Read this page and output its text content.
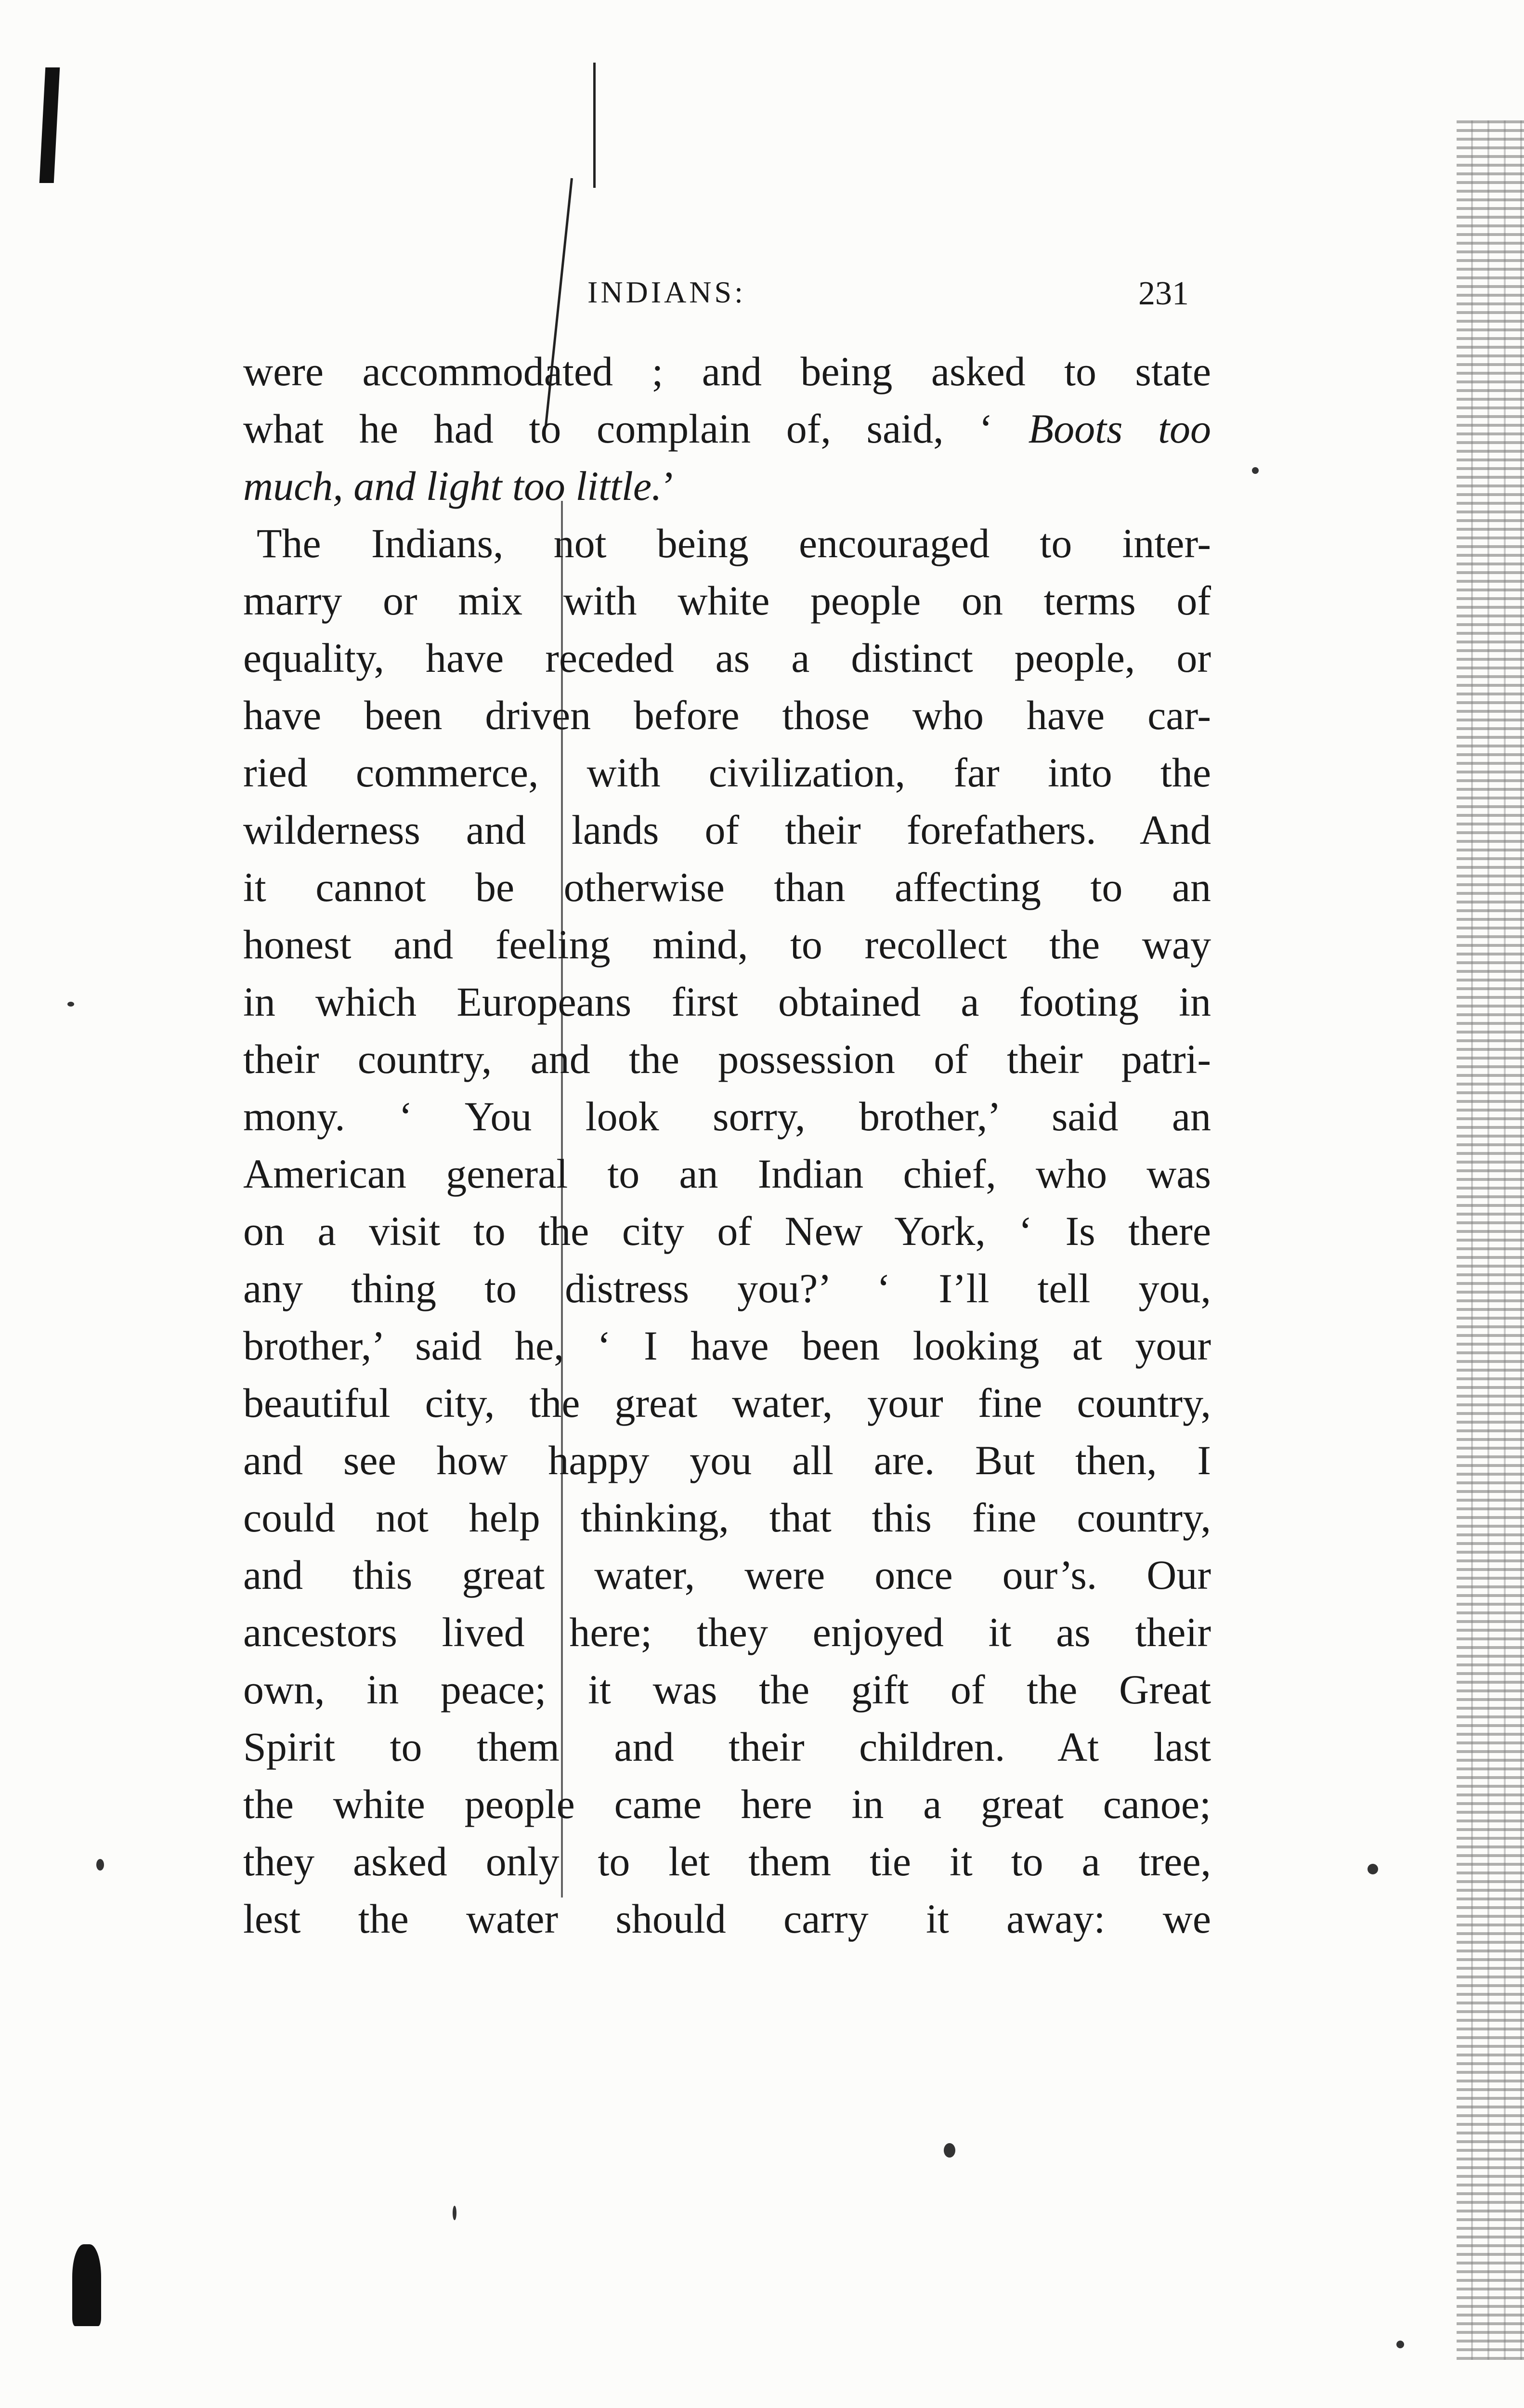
INDIANS:	231
were accommodated ; and being asked to state
what he had to complain of, said, ‘ Boots too
much, and light too little.’
The Indians, not being encouraged to inter-
marry or mix with white people on terms of
equality, have receded as a distinct people, or
have been driven before those who have car-
ried commerce, with civilization, far into the
wilderness and lands of their forefathers. And
it cannot be otherwise than affecting to an
honest and feeling mind, to recollect the way
in which Europeans first obtained a footing in
their country, and the possession of their patri-
mony. ‘ You look sorry, brother,’ said an
American general to an Indian chief, who was
on a visit to the city of New York, ‘ Is there
any thing to distress you?’ ‘ I’ll tell you,
brother,’ said he, ‘ I have been looking at your
beautiful city, the great water, your fine country,
and see how happy you all are. But then, I
could not help thinking, that this fine country,
and this great water, were once our’s. Our
ancestors lived here; they enjoyed it as their
own, in peace; it was the gift of the Great
Spirit to them and their children. At last
the white people came here in a great canoe;
they asked only to let them tie it to a tree,
lest the water should carry it away: we
